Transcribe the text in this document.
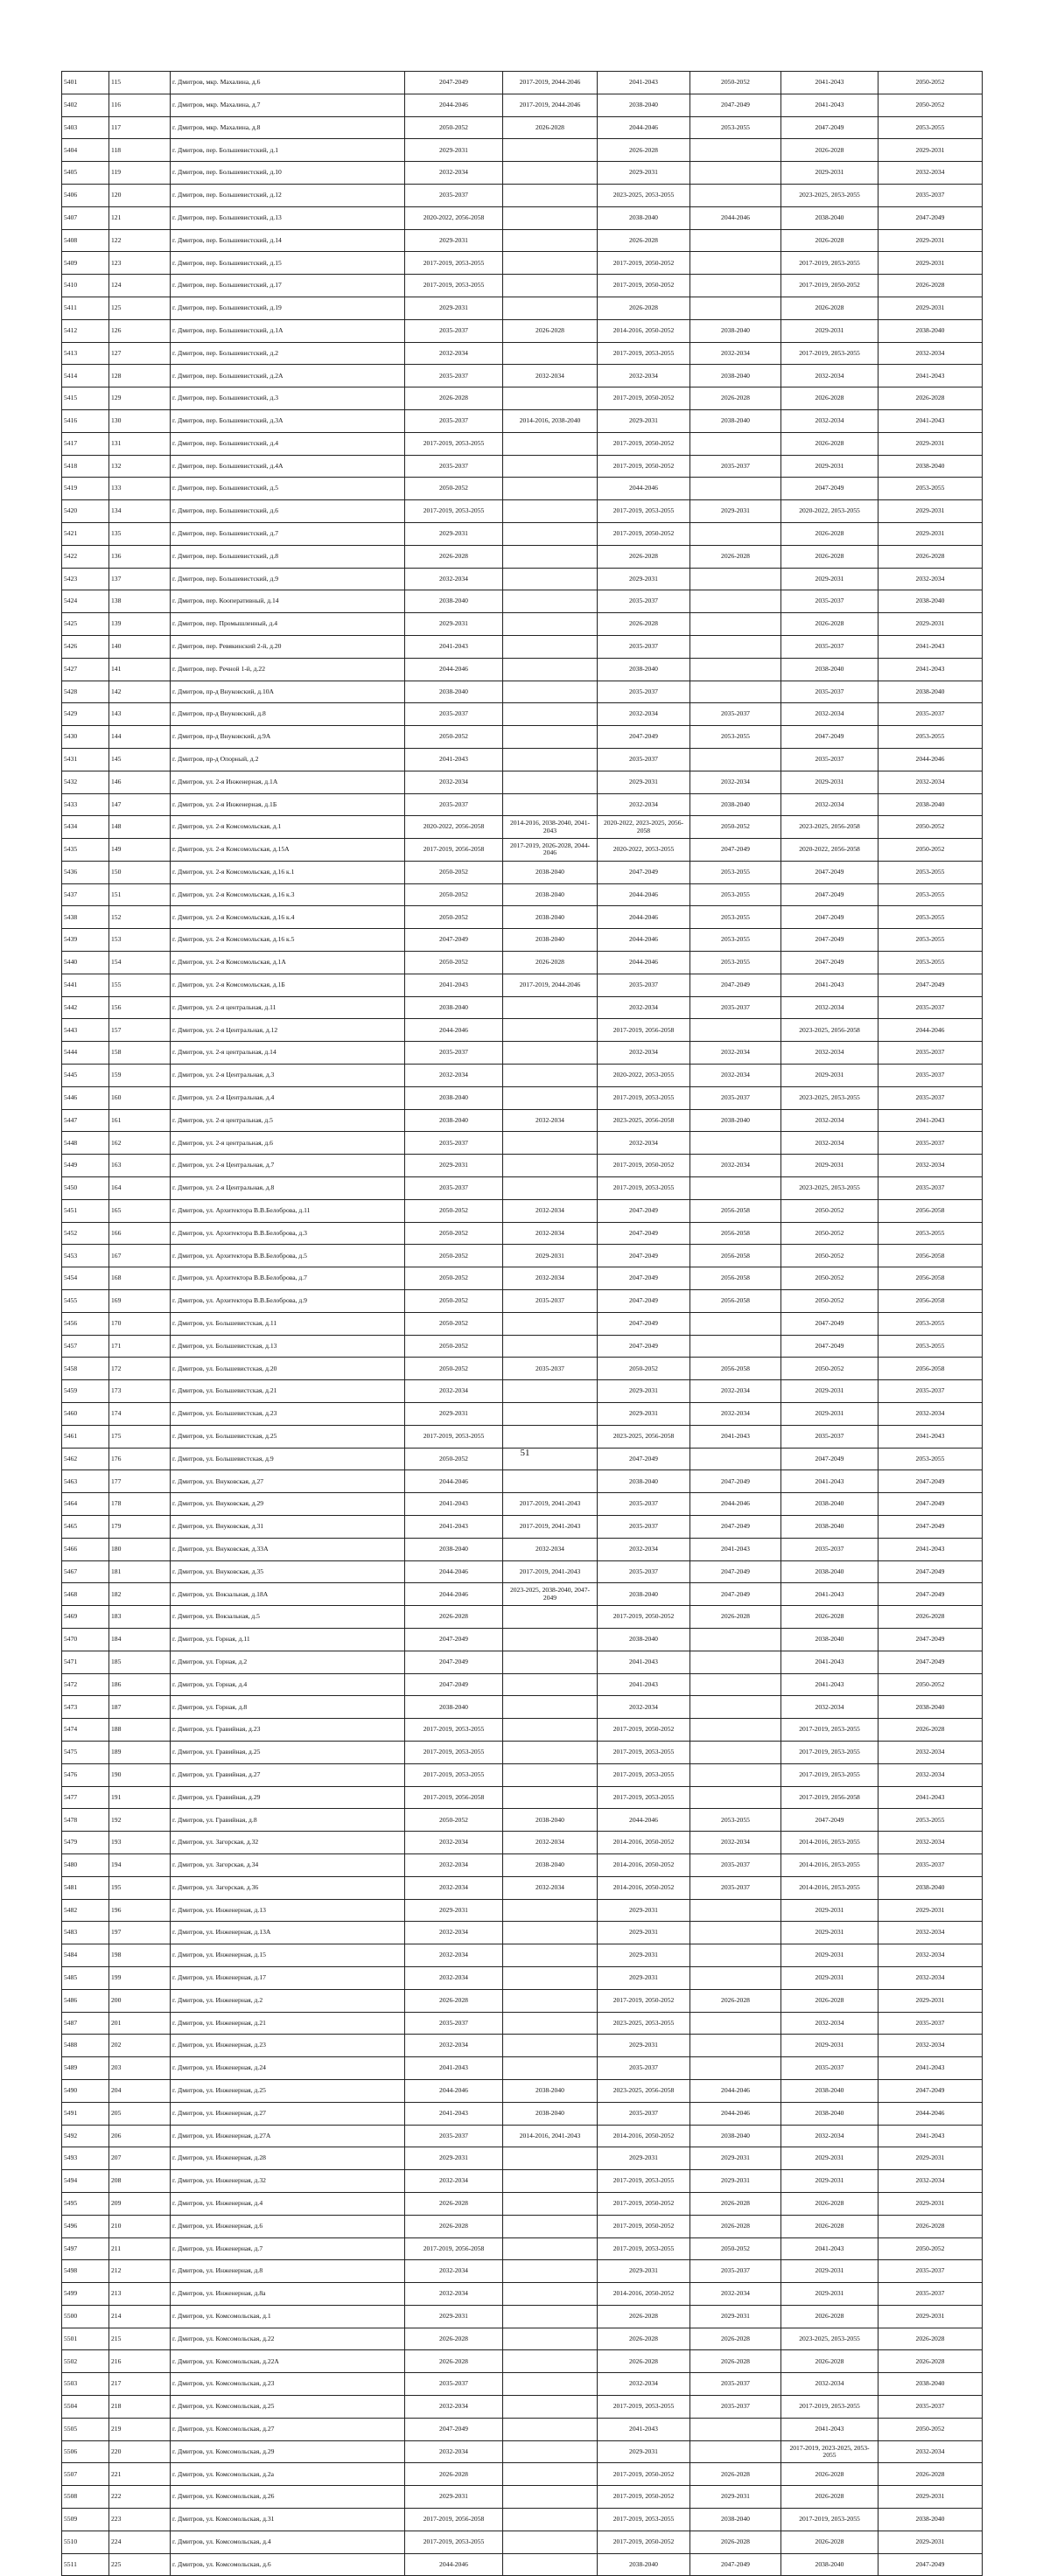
5401	115	г. Дмитров, мкр. Махалина, д.6	2047-2049	2017-2019, 2044-2046	2041-2043	2050-2052	2041-2043	2050-2052
5402	116	г. Дмитров, мкр. Махалина, д.7	2044-2046	2017-2019, 2044-2046	2038-2040	2047-2049	2041-2043	2050-2052
5403	117	г. Дмитров, мкр. Махалина, д.8	2050-2052	2026-2028	2044-2046	2053-2055	2047-2049	2053-2055
5404	118	г. Дмитров, пер. Большевистский, д.1	2029-2031		2026-2028		2026-2028	2029-2031
5405	119	г. Дмитров, пер. Большевистский, д.10	2032-2034		2029-2031		2029-2031	2032-2034
5406	120	г. Дмитров, пер. Большевистский, д.12	2035-2037		2023-2025, 2053-2055		2023-2025, 2053-2055	2035-2037
5407	121	г. Дмитров, пер. Большевистский, д.13	2020-2022, 2056-2058		2038-2040	2044-2046	2038-2040	2047-2049
5408	122	г. Дмитров, пер. Большевистский, д.14	2029-2031		2026-2028		2026-2028	2029-2031
5409	123	г. Дмитров, пер. Большевистский, д.15	2017-2019, 2053-2055		2017-2019, 2050-2052		2017-2019, 2053-2055	2029-2031
5410	124	г. Дмитров, пер. Большевистский, д.17	2017-2019, 2053-2055		2017-2019, 2050-2052		2017-2019, 2050-2052	2026-2028
5411	125	г. Дмитров, пер. Большевистский, д.19	2029-2031		2026-2028		2026-2028	2029-2031
5412	126	г. Дмитров, пер. Большевистский, д.1А	2035-2037	2026-2028	2014-2016, 2050-2052	2038-2040	2029-2031	2038-2040
5413	127	г. Дмитров, пер. Большевистский, д.2	2032-2034		2017-2019, 2053-2055	2032-2034	2017-2019, 2053-2055	2032-2034
5414	128	г. Дмитров, пер. Большевистский, д.2А	2035-2037	2032-2034	2032-2034	2038-2040	2032-2034	2041-2043
5415	129	г. Дмитров, пер. Большевистский, д.3	2026-2028		2017-2019, 2050-2052	2026-2028	2026-2028	2026-2028
5416	130	г. Дмитров, пер. Большевистский, д.3А	2035-2037	2014-2016, 2038-2040	2029-2031	2038-2040	2032-2034	2041-2043
5417	131	г. Дмитров, пер. Большевистский, д.4	2017-2019, 2053-2055		2017-2019, 2050-2052		2026-2028	2029-2031
5418	132	г. Дмитров, пер. Большевистский, д.4А	2035-2037		2017-2019, 2050-2052	2035-2037	2029-2031	2038-2040
5419	133	г. Дмитров, пер. Большевистский, д.5	2050-2052		2044-2046		2047-2049	2053-2055
5420	134	г. Дмитров, пер. Большевистский, д.6	2017-2019, 2053-2055		2017-2019, 2053-2055	2029-2031	2020-2022, 2053-2055	2029-2031
5421	135	г. Дмитров, пер. Большевистский, д.7	2029-2031		2017-2019, 2050-2052		2026-2028	2029-2031
5422	136	г. Дмитров, пер. Большевистский, д.8	2026-2028		2026-2028	2026-2028	2026-2028	2026-2028
5423	137	г. Дмитров, пер. Большевистский, д.9	2032-2034		2029-2031		2029-2031	2032-2034
5424	138	г. Дмитров, пер. Кооперативный, д.14	2038-2040		2035-2037		2035-2037	2038-2040
5425	139	г. Дмитров, пер. Промышленный, д.4	2029-2031		2026-2028		2026-2028	2029-2031
5426	140	г. Дмитров, пер. Ревякинский 2-й, д.20	2041-2043		2035-2037		2035-2037	2041-2043
5427	141	г. Дмитров, пер. Речной 1-й, д.22	2044-2046		2038-2040		2038-2040	2041-2043
5428	142	г. Дмитров, пр-д Внуковский, д.10А	2038-2040		2035-2037		2035-2037	2038-2040
5429	143	г. Дмитров, пр-д Внуковский, д.8	2035-2037		2032-2034	2035-2037	2032-2034	2035-2037
5430	144	г. Дмитров, пр-д Внуковский, д.9А	2050-2052		2047-2049	2053-2055	2047-2049	2053-2055
5431	145	г. Дмитров, пр-д Опорный, д.2	2041-2043		2035-2037		2035-2037	2044-2046
5432	146	г. Дмитров, ул. 2-я Инженерная, д.1А	2032-2034		2029-2031	2032-2034	2029-2031	2032-2034
5433	147	г. Дмитров, ул. 2-я Инженерная, д.1Б	2035-2037		2032-2034	2038-2040	2032-2034	2038-2040
5434	148	г. Дмитров, ул. 2-я Комсомольская, д.1	2020-2022, 2056-2058	2014-2016, 2038-2040, 2041-2043	2020-2022, 2023-2025, 2056-2058	2050-2052	2023-2025, 2056-2058	2050-2052
5435	149	г. Дмитров, ул. 2-я Комсомольская, д.15А	2017-2019, 2056-2058	2017-2019, 2026-2028, 2044-2046	2020-2022, 2053-2055	2047-2049	2020-2022, 2056-2058	2050-2052
5436	150	г. Дмитров, ул. 2-я Комсомольская, д.16 к.1	2050-2052	2038-2040	2047-2049	2053-2055	2047-2049	2053-2055
5437	151	г. Дмитров, ул. 2-я Комсомольская, д.16 к.3	2050-2052	2038-2040	2044-2046	2053-2055	2047-2049	2053-2055
5438	152	г. Дмитров, ул. 2-я Комсомольская, д.16 к.4	2050-2052	2038-2040	2044-2046	2053-2055	2047-2049	2053-2055
5439	153	г. Дмитров, ул. 2-я Комсомольская, д.16 к.5	2047-2049	2038-2040	2044-2046	2053-2055	2047-2049	2053-2055
5440	154	г. Дмитров, ул. 2-я Комсомольская, д.1А	2050-2052	2026-2028	2044-2046	2053-2055	2047-2049	2053-2055
5441	155	г. Дмитров, ул. 2-я Комсомольская, д.1Б	2041-2043	2017-2019, 2044-2046	2035-2037	2047-2049	2041-2043	2047-2049
5442	156	г. Дмитров, ул. 2-я центральная, д.11	2038-2040		2032-2034	2035-2037	2032-2034	2035-2037
5443	157	г. Дмитров, ул. 2-я Центральная, д.12	2044-2046		2017-2019, 2056-2058		2023-2025, 2056-2058	2044-2046
5444	158	г. Дмитров, ул. 2-я центральная, д.14	2035-2037		2032-2034	2032-2034	2032-2034	2035-2037
5445	159	г. Дмитров, ул. 2-я Центральная, д.3	2032-2034		2020-2022, 2053-2055	2032-2034	2029-2031	2035-2037
5446	160	г. Дмитров, ул. 2-я Центральная, д.4	2038-2040		2017-2019, 2053-2055	2035-2037	2023-2025, 2053-2055	2035-2037
5447	161	г. Дмитров, ул. 2-я центральная, д.5	2038-2040	2032-2034	2023-2025, 2056-2058	2038-2040	2032-2034	2041-2043
5448	162	г. Дмитров, ул. 2-я центральная, д.6	2035-2037		2032-2034		2032-2034	2035-2037
5449	163	г. Дмитров, ул. 2-я Центральная, д.7	2029-2031		2017-2019, 2050-2052	2032-2034	2029-2031	2032-2034
5450	164	г. Дмитров, ул. 2-я Центральная, д.8	2035-2037		2017-2019, 2053-2055		2023-2025, 2053-2055	2035-2037
5451	165	г. Дмитров, ул. Архитектора В.В.Белоброва, д.11	2050-2052	2032-2034	2047-2049	2056-2058	2050-2052	2056-2058
5452	166	г. Дмитров, ул. Архитектора В.В.Белоброва, д.3	2050-2052	2032-2034	2047-2049	2056-2058	2050-2052	2053-2055
5453	167	г. Дмитров, ул. Архитектора В.В.Белоброва, д.5	2050-2052	2029-2031	2047-2049	2056-2058	2050-2052	2056-2058
5454	168	г. Дмитров, ул. Архитектора В.В.Белоброва, д.7	2050-2052	2032-2034	2047-2049	2056-2058	2050-2052	2056-2058
5455	169	г. Дмитров, ул. Архитектора В.В.Белоброва, д.9	2050-2052	2035-2037	2047-2049	2056-2058	2050-2052	2056-2058
5456	170	г. Дмитров, ул. Большевистская, д.11	2050-2052		2047-2049		2047-2049	2053-2055
5457	171	г. Дмитров, ул. Большевистская, д.13	2050-2052		2047-2049		2047-2049	2053-2055
5458	172	г. Дмитров, ул. Большевистская, д.20	2050-2052	2035-2037	2050-2052	2056-2058	2050-2052	2056-2058
5459	173	г. Дмитров, ул. Большевистская, д.21	2032-2034		2029-2031	2032-2034	2029-2031	2035-2037
5460	174	г. Дмитров, ул. Большевистская, д.23	2029-2031		2029-2031	2032-2034	2029-2031	2032-2034
5461	175	г. Дмитров, ул. Большевистская, д.25	2017-2019, 2053-2055		2023-2025, 2056-2058	2041-2043	2035-2037	2041-2043
5462	176	г. Дмитров, ул. Большевистская, д.9	2050-2052		2047-2049		2047-2049	2053-2055
5463	177	г. Дмитров, ул. Внуковская, д.27	2044-2046		2038-2040	2047-2049	2041-2043	2047-2049
5464	178	г. Дмитров, ул. Внуковская, д.29	2041-2043	2017-2019, 2041-2043	2035-2037	2044-2046	2038-2040	2047-2049
5465	179	г. Дмитров, ул. Внуковская, д.31	2041-2043	2017-2019, 2041-2043	2035-2037	2047-2049	2038-2040	2047-2049
5466	180	г. Дмитров, ул. Внуковская, д.33А	2038-2040	2032-2034	2032-2034	2041-2043	2035-2037	2041-2043
5467	181	г. Дмитров, ул. Внуковская, д.35	2044-2046	2017-2019, 2041-2043	2035-2037	2047-2049	2038-2040	2047-2049
5468	182	г. Дмитров, ул. Вокзальная, д.18А	2044-2046	2023-2025, 2038-2040, 2047-2049	2038-2040	2047-2049	2041-2043	2047-2049
5469	183	г. Дмитров, ул. Вокзальная, д.5	2026-2028		2017-2019, 2050-2052	2026-2028	2026-2028	2026-2028
5470	184	г. Дмитров, ул. Горная, д.11	2047-2049		2038-2040		2038-2040	2047-2049
5471	185	г. Дмитров, ул. Горная, д.2	2047-2049		2041-2043		2041-2043	2047-2049
5472	186	г. Дмитров, ул. Горная, д.4	2047-2049		2041-2043		2041-2043	2050-2052
5473	187	г. Дмитров, ул. Горная, д.8	2038-2040		2032-2034		2032-2034	2038-2040
5474	188	г. Дмитров, ул. Гравийная, д.23	2017-2019, 2053-2055		2017-2019, 2050-2052		2017-2019, 2053-2055	2026-2028
5475	189	г. Дмитров, ул. Гравийная, д.25	2017-2019, 2053-2055		2017-2019, 2053-2055		2017-2019, 2053-2055	2032-2034
5476	190	г. Дмитров, ул. Гравийная, д.27	2017-2019, 2053-2055		2017-2019, 2053-2055		2017-2019, 2053-2055	2032-2034
5477	191	г. Дмитров, ул. Гравийная, д.29	2017-2019, 2056-2058		2017-2019, 2053-2055		2017-2019, 2056-2058	2041-2043
5478	192	г. Дмитров, ул. Гравийная, д.8	2050-2052	2038-2040	2044-2046	2053-2055	2047-2049	2053-2055
5479	193	г. Дмитров, ул. Загорская, д.32	2032-2034	2032-2034	2014-2016, 2050-2052	2032-2034	2014-2016, 2053-2055	2032-2034
5480	194	г. Дмитров, ул. Загорская, д.34	2032-2034	2038-2040	2014-2016, 2050-2052	2035-2037	2014-2016, 2053-2055	2035-2037
5481	195	г. Дмитров, ул. Загорская, д.36	2032-2034	2032-2034	2014-2016, 2050-2052	2035-2037	2014-2016, 2053-2055	2038-2040
5482	196	г. Дмитров, ул. Инженерная, д.13	2029-2031		2029-2031		2029-2031	2029-2031
5483	197	г. Дмитров, ул. Инженерная, д.13А	2032-2034		2029-2031		2029-2031	2032-2034
5484	198	г. Дмитров, ул. Инженерная, д.15	2032-2034		2029-2031		2029-2031	2032-2034
5485	199	г. Дмитров, ул. Инженерная, д.17	2032-2034		2029-2031		2029-2031	2032-2034
5486	200	г. Дмитров, ул. Инженерная, д.2	2026-2028		2017-2019, 2050-2052	2026-2028	2026-2028	2029-2031
5487	201	г. Дмитров, ул. Инженерная, д.21	2035-2037		2023-2025, 2053-2055		2032-2034	2035-2037
5488	202	г. Дмитров, ул. Инженерная, д.23	2032-2034		2029-2031		2029-2031	2032-2034
5489	203	г. Дмитров, ул. Инженерная, д.24	2041-2043		2035-2037		2035-2037	2041-2043
5490	204	г. Дмитров, ул. Инженерная, д.25	2044-2046	2038-2040	2023-2025, 2056-2058	2044-2046	2038-2040	2047-2049
5491	205	г. Дмитров, ул. Инженерная, д.27	2041-2043	2038-2040	2035-2037	2044-2046	2038-2040	2044-2046
5492	206	г. Дмитров, ул. Инженерная, д.27А	2035-2037	2014-2016, 2041-2043	2014-2016, 2050-2052	2038-2040	2032-2034	2041-2043
5493	207	г. Дмитров, ул. Инженерная, д.28	2029-2031		2029-2031	2029-2031	2029-2031	2029-2031
5494	208	г. Дмитров, ул. Инженерная, д.32	2032-2034		2017-2019, 2053-2055	2029-2031	2029-2031	2032-2034
5495	209	г. Дмитров, ул. Инженерная, д.4	2026-2028		2017-2019, 2050-2052	2026-2028	2026-2028	2029-2031
5496	210	г. Дмитров, ул. Инженерная, д.6	2026-2028		2017-2019, 2050-2052	2026-2028	2026-2028	2026-2028
5497	211	г. Дмитров, ул. Инженерная, д.7	2017-2019, 2056-2058		2017-2019, 2053-2055	2050-2052	2041-2043	2050-2052
5498	212	г. Дмитров, ул. Инженерная, д.8	2032-2034		2029-2031	2035-2037	2029-2031	2035-2037
5499	213	г. Дмитров, ул. Инженерная, д.8а	2032-2034		2014-2016, 2050-2052	2032-2034	2029-2031	2035-2037
5500	214	г. Дмитров, ул. Комсомольская, д.1	2029-2031		2026-2028	2029-2031	2026-2028	2029-2031
5501	215	г. Дмитров, ул. Комсомольская, д.22	2026-2028		2026-2028	2026-2028	2023-2025, 2053-2055	2026-2028
5502	216	г. Дмитров, ул. Комсомольская, д.22А	2026-2028		2026-2028	2026-2028	2026-2028	2026-2028
5503	217	г. Дмитров, ул. Комсомольская, д.23	2035-2037		2032-2034	2035-2037	2032-2034	2038-2040
5504	218	г. Дмитров, ул. Комсомольская, д.25	2032-2034		2017-2019, 2053-2055	2035-2037	2017-2019, 2053-2055	2035-2037
5505	219	г. Дмитров, ул. Комсомольская, д.27	2047-2049		2041-2043		2041-2043	2050-2052
5506	220	г. Дмитров, ул. Комсомольская, д.29	2032-2034		2029-2031		2017-2019, 2023-2025, 2053-2055	2032-2034
5507	221	г. Дмитров, ул. Комсомольская, д.2а	2026-2028		2017-2019, 2050-2052	2026-2028	2026-2028	2026-2028
5508	222	г. Дмитров, ул. Комсомольская, д.26	2029-2031		2017-2019, 2050-2052	2029-2031	2026-2028	2029-2031
5509	223	г. Дмитров, ул. Комсомольская, д.31	2017-2019, 2056-2058		2017-2019, 2053-2055	2038-2040	2017-2019, 2053-2055	2038-2040
5510	224	г. Дмитров, ул. Комсомольская, д.4	2017-2019, 2053-2055		2017-2019, 2050-2052	2026-2028	2026-2028	2029-2031
5511	225	г. Дмитров, ул. Комсомольская, д.6	2044-2046		2038-2040	2047-2049	2038-2040	2047-2049
51
